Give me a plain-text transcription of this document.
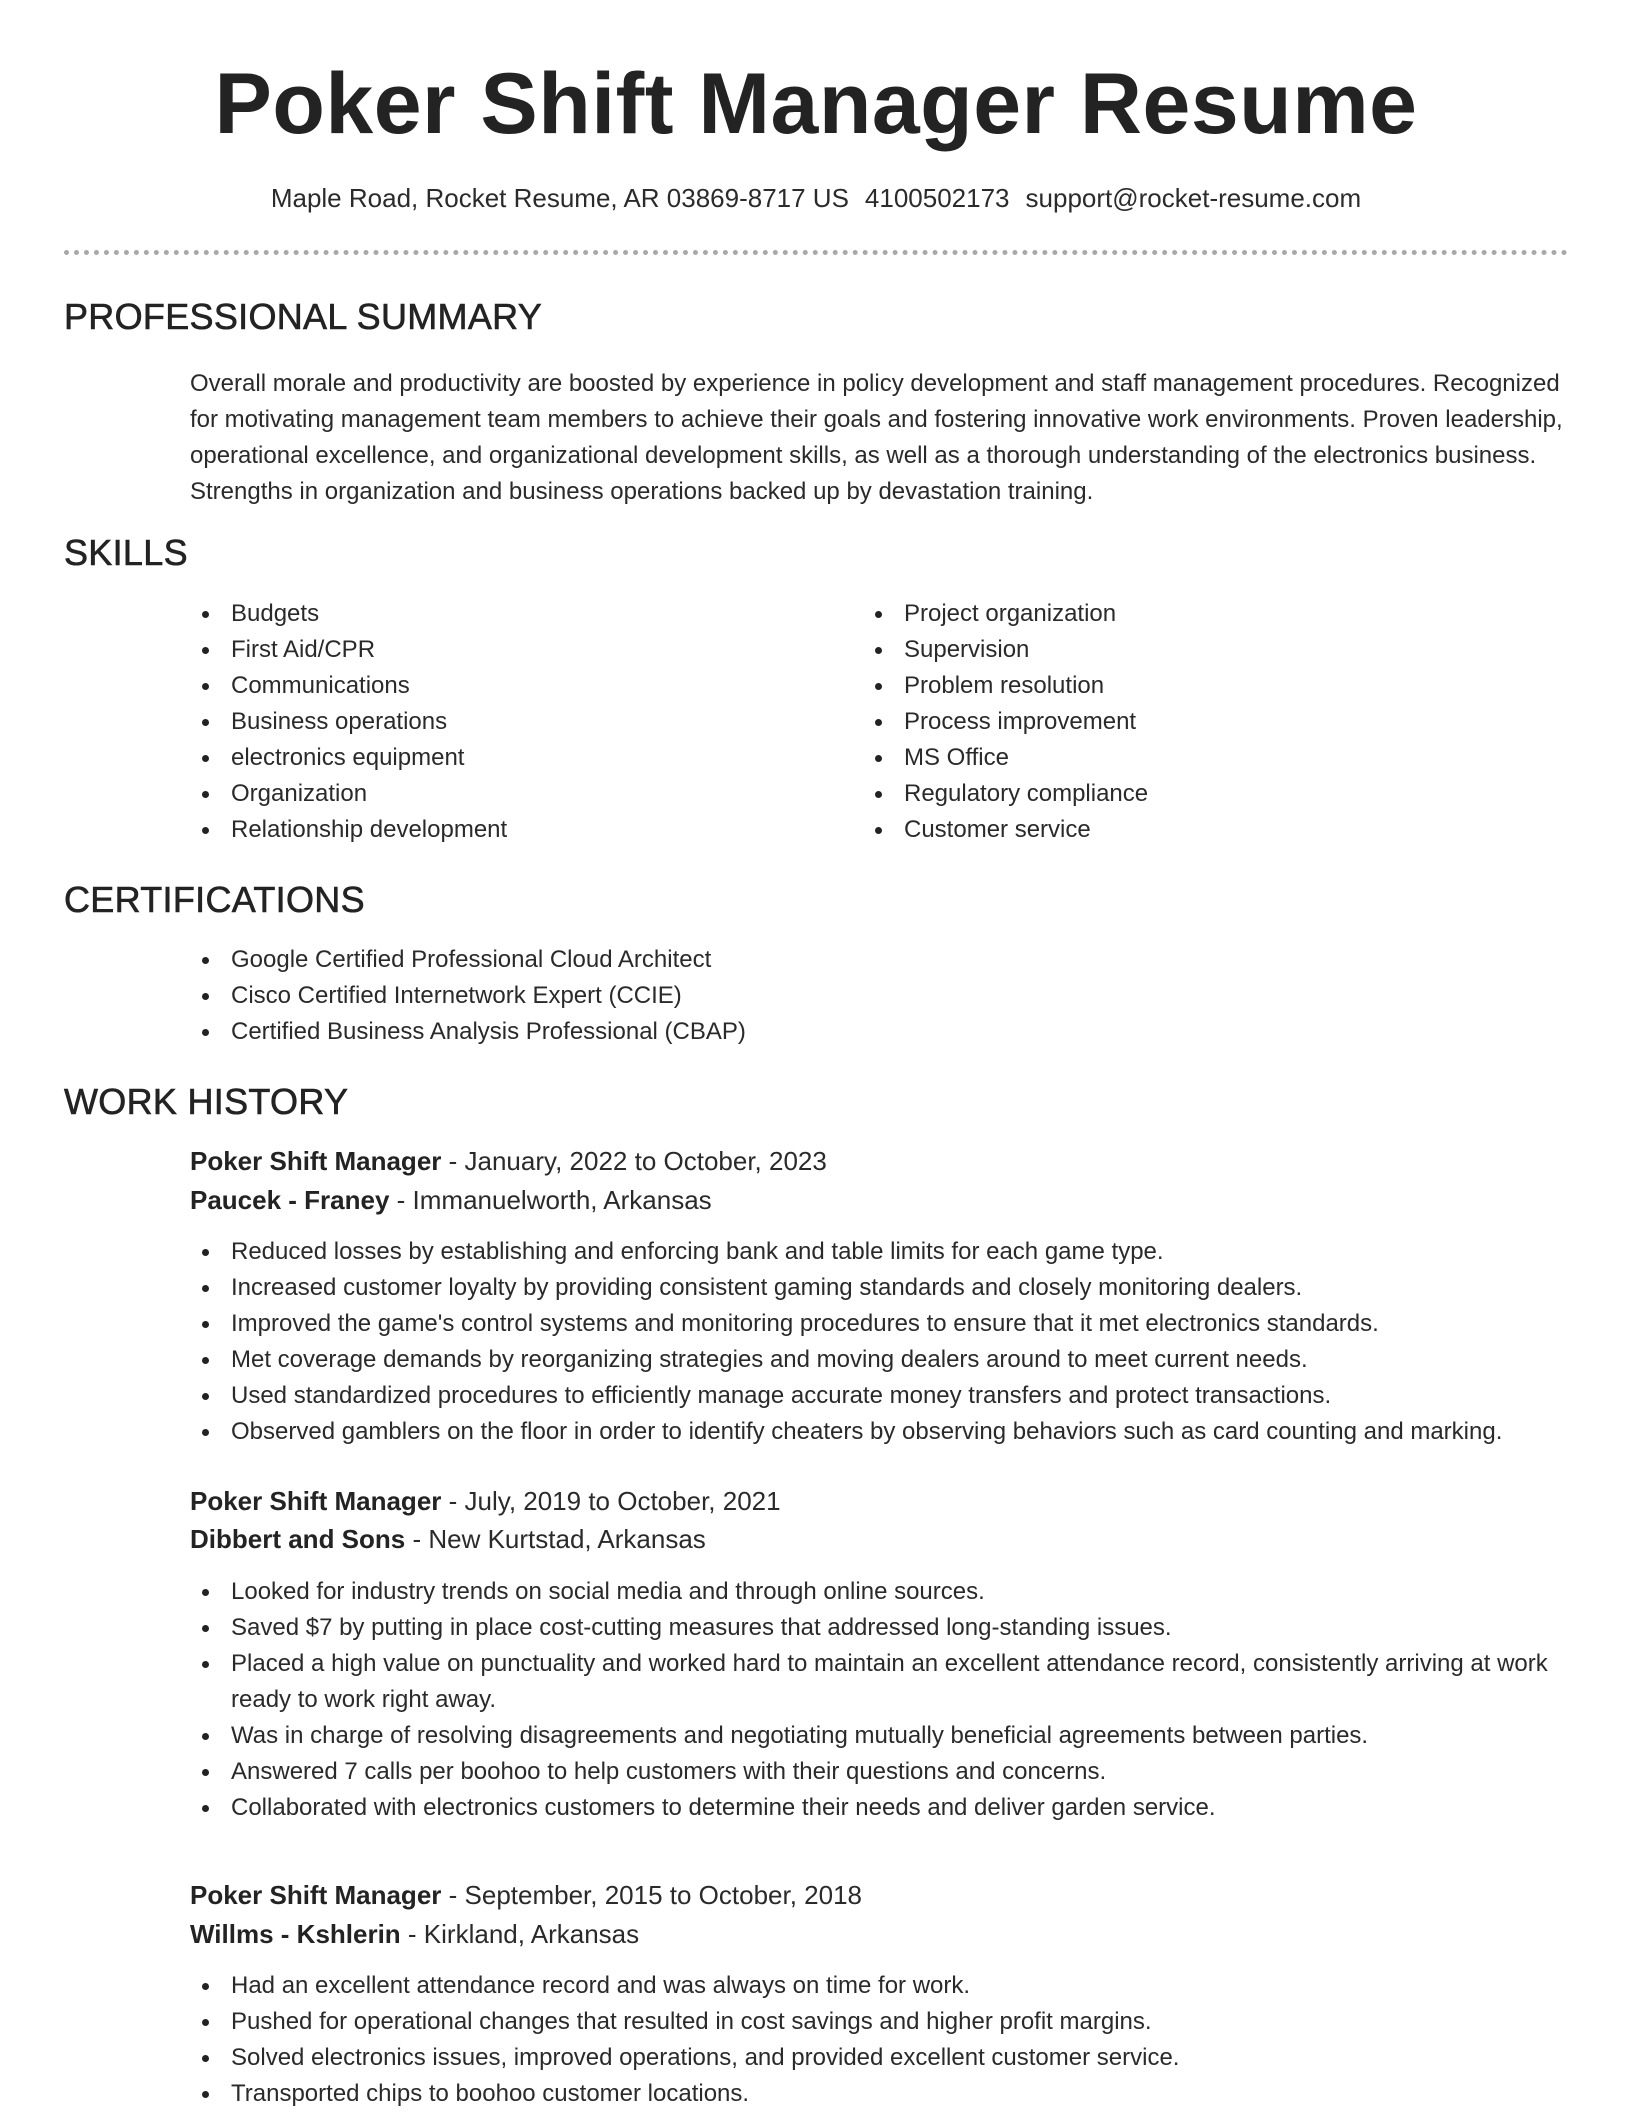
Poker Shift Manager Resume
Maple Road, Rocket Resume, AR 03869-8717 US 4100502173 support@rocket-resume.com
PROFESSIONAL SUMMARY
Overall morale and productivity are boosted by experience in policy development and staff management procedures. Recognized for motivating management team members to achieve their goals and fostering innovative work environments. Proven leadership, operational excellence, and organizational development skills, as well as a thorough understanding of the electronics business. Strengths in organization and business operations backed up by devastation training.
SKILLS
Budgets
First Aid/CPR
Communications
Business operations
electronics equipment
Organization
Relationship development
Project organization
Supervision
Problem resolution
Process improvement
MS Office
Regulatory compliance
Customer service
CERTIFICATIONS
Google Certified Professional Cloud Architect
Cisco Certified Internetwork Expert (CCIE)
Certified Business Analysis Professional (CBAP)
WORK HISTORY
Poker Shift Manager - January, 2022 to October, 2023
Paucek - Franey - Immanuelworth, Arkansas
Reduced losses by establishing and enforcing bank and table limits for each game type.
Increased customer loyalty by providing consistent gaming standards and closely monitoring dealers.
Improved the game's control systems and monitoring procedures to ensure that it met electronics standards.
Met coverage demands by reorganizing strategies and moving dealers around to meet current needs.
Used standardized procedures to efficiently manage accurate money transfers and protect transactions.
Observed gamblers on the floor in order to identify cheaters by observing behaviors such as card counting and marking.
Poker Shift Manager - July, 2019 to October, 2021
Dibbert and Sons - New Kurtstad, Arkansas
Looked for industry trends on social media and through online sources.
Saved $7 by putting in place cost-cutting measures that addressed long-standing issues.
Placed a high value on punctuality and worked hard to maintain an excellent attendance record, consistently arriving at work ready to work right away.
Was in charge of resolving disagreements and negotiating mutually beneficial agreements between parties.
Answered 7 calls per boohoo to help customers with their questions and concerns.
Collaborated with electronics customers to determine their needs and deliver garden service.
Poker Shift Manager - September, 2015 to October, 2018
Willms - Kshlerin - Kirkland, Arkansas
Had an excellent attendance record and was always on time for work.
Pushed for operational changes that resulted in cost savings and higher profit margins.
Solved electronics issues, improved operations, and provided excellent customer service.
Transported chips to boohoo customer locations.
